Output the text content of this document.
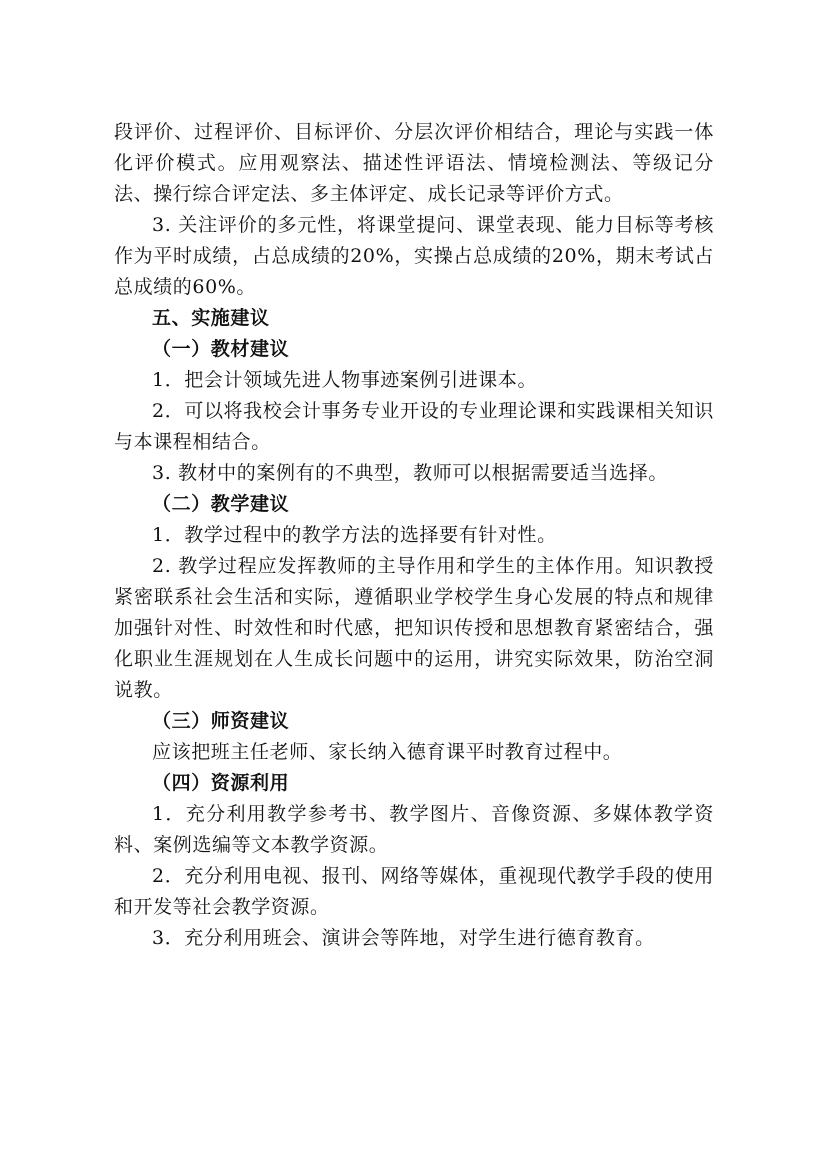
段评价、过程评价、目标评价、分层次评价相结合，理论与实践一体化评价模式。应用观察法、描述性评语法、情境检测法、等级记分法、操行综合评定法、多主体评定、成长记录等评价方式。

3. 关注评价的多元性，将课堂提问、课堂表现、能力目标等考核作为平时成绩，占总成绩的20%，实操占总成绩的20%，期末考试占总成绩的60%。

五、实施建议

（一）教材建议

1．把会计领域先进人物事迹案例引进课本。

2．可以将我校会计事务专业开设的专业理论课和实践课相关知识与本课程相结合。

3. 教材中的案例有的不典型，教师可以根据需要适当选择。

（二）教学建议

1．教学过程中的教学方法的选择要有针对性。

2. 教学过程应发挥教师的主导作用和学生的主体作用。知识教授紧密联系社会生活和实际，遵循职业学校学生身心发展的特点和规律加强针对性、时效性和时代感，把知识传授和思想教育紧密结合，强化职业生涯规划在人生成长问题中的运用，讲究实际效果，防治空洞说教。

（三）师资建议

应该把班主任老师、家长纳入德育课平时教育过程中。

（四）资源利用

1．充分利用教学参考书、教学图片、音像资源、多媒体教学资料、案例选编等文本教学资源。

2．充分利用电视、报刊、网络等媒体，重视现代教学手段的使用和开发等社会教学资源。

3．充分利用班会、演讲会等阵地，对学生进行德育教育。
